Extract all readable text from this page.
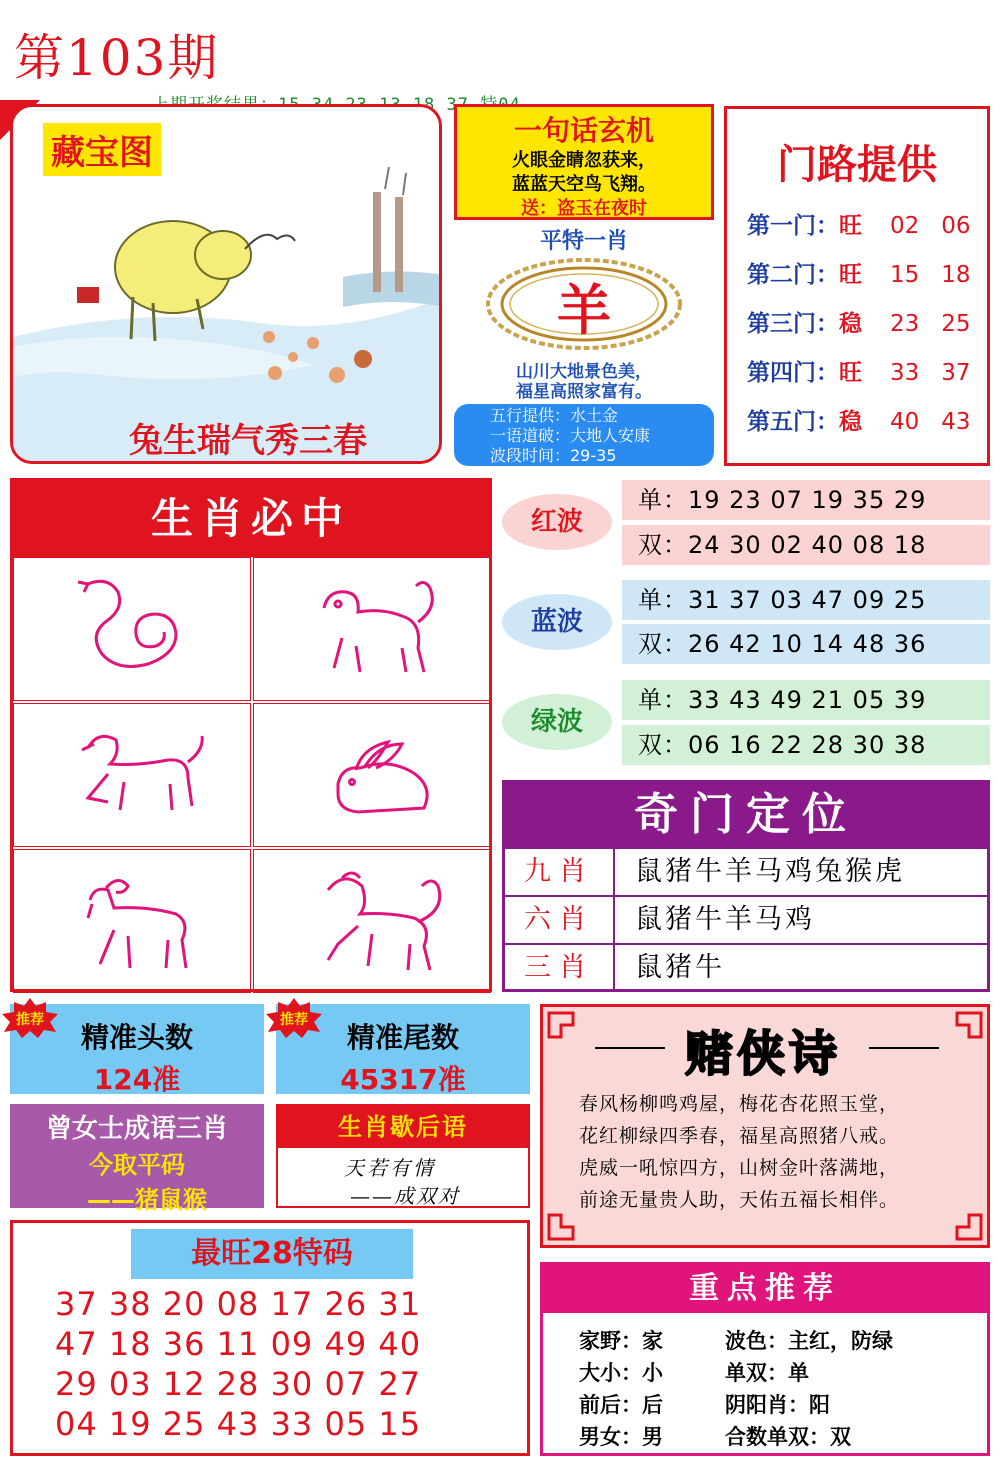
第103期
藏宝图
兔生瑞气秀三春
一句话玄机
火眼金睛忽获来，
蓝蓝天空鸟飞翔。
送：盗玉在夜时
平特一肖
羊
山川大地景色美，
福星高照家富有。
五行提供：水土金
一语道破：大地人安康
波段时间：29-35
门路提供
第一门：旺 02 06
第二门：旺 15 18
第三门：稳 23 25
第四门：旺 33 37
第五门：稳 40 43
生肖必中	红波
单：19 23 07 19 35 29
双：24 30 02 40 08 18
蓝波
单：31 37 03 47 09 25
双：26 42 10 14 48 36
绿波
单：33 43 49 21 05 39
双：06 16 22 28 30 38
奇门定位
九肖	鼠猪牛羊马鸡兔猴虎
六肖	鼠猪牛羊马鸡
三肖	鼠猪牛
精准头数
124准
推荐
精准尾数
45317准
推荐
曾女士成语三肖
今取平码
——猪鼠猴
生肖歇后语
天若有情
——成双对
赌侠诗
春风杨柳鸣鸡屋，梅花杏花照玉堂，
花红柳绿四季春，福星高照猪八戒。
虎威一吼惊四方，山树金叶落满地，
前途无量贵人助，天佑五福长相伴。
最旺28特码
37 38 20 08 17 26 31
47 18 36 11 09 49 40
29 03 12 28 30 07 27
04 19 25 43 33 05 15
重点推荐
家野：家	波色：主红，防绿
大小：小	单双：单
前后：后	阴阳肖：阳
男女：男	合数单双：双
